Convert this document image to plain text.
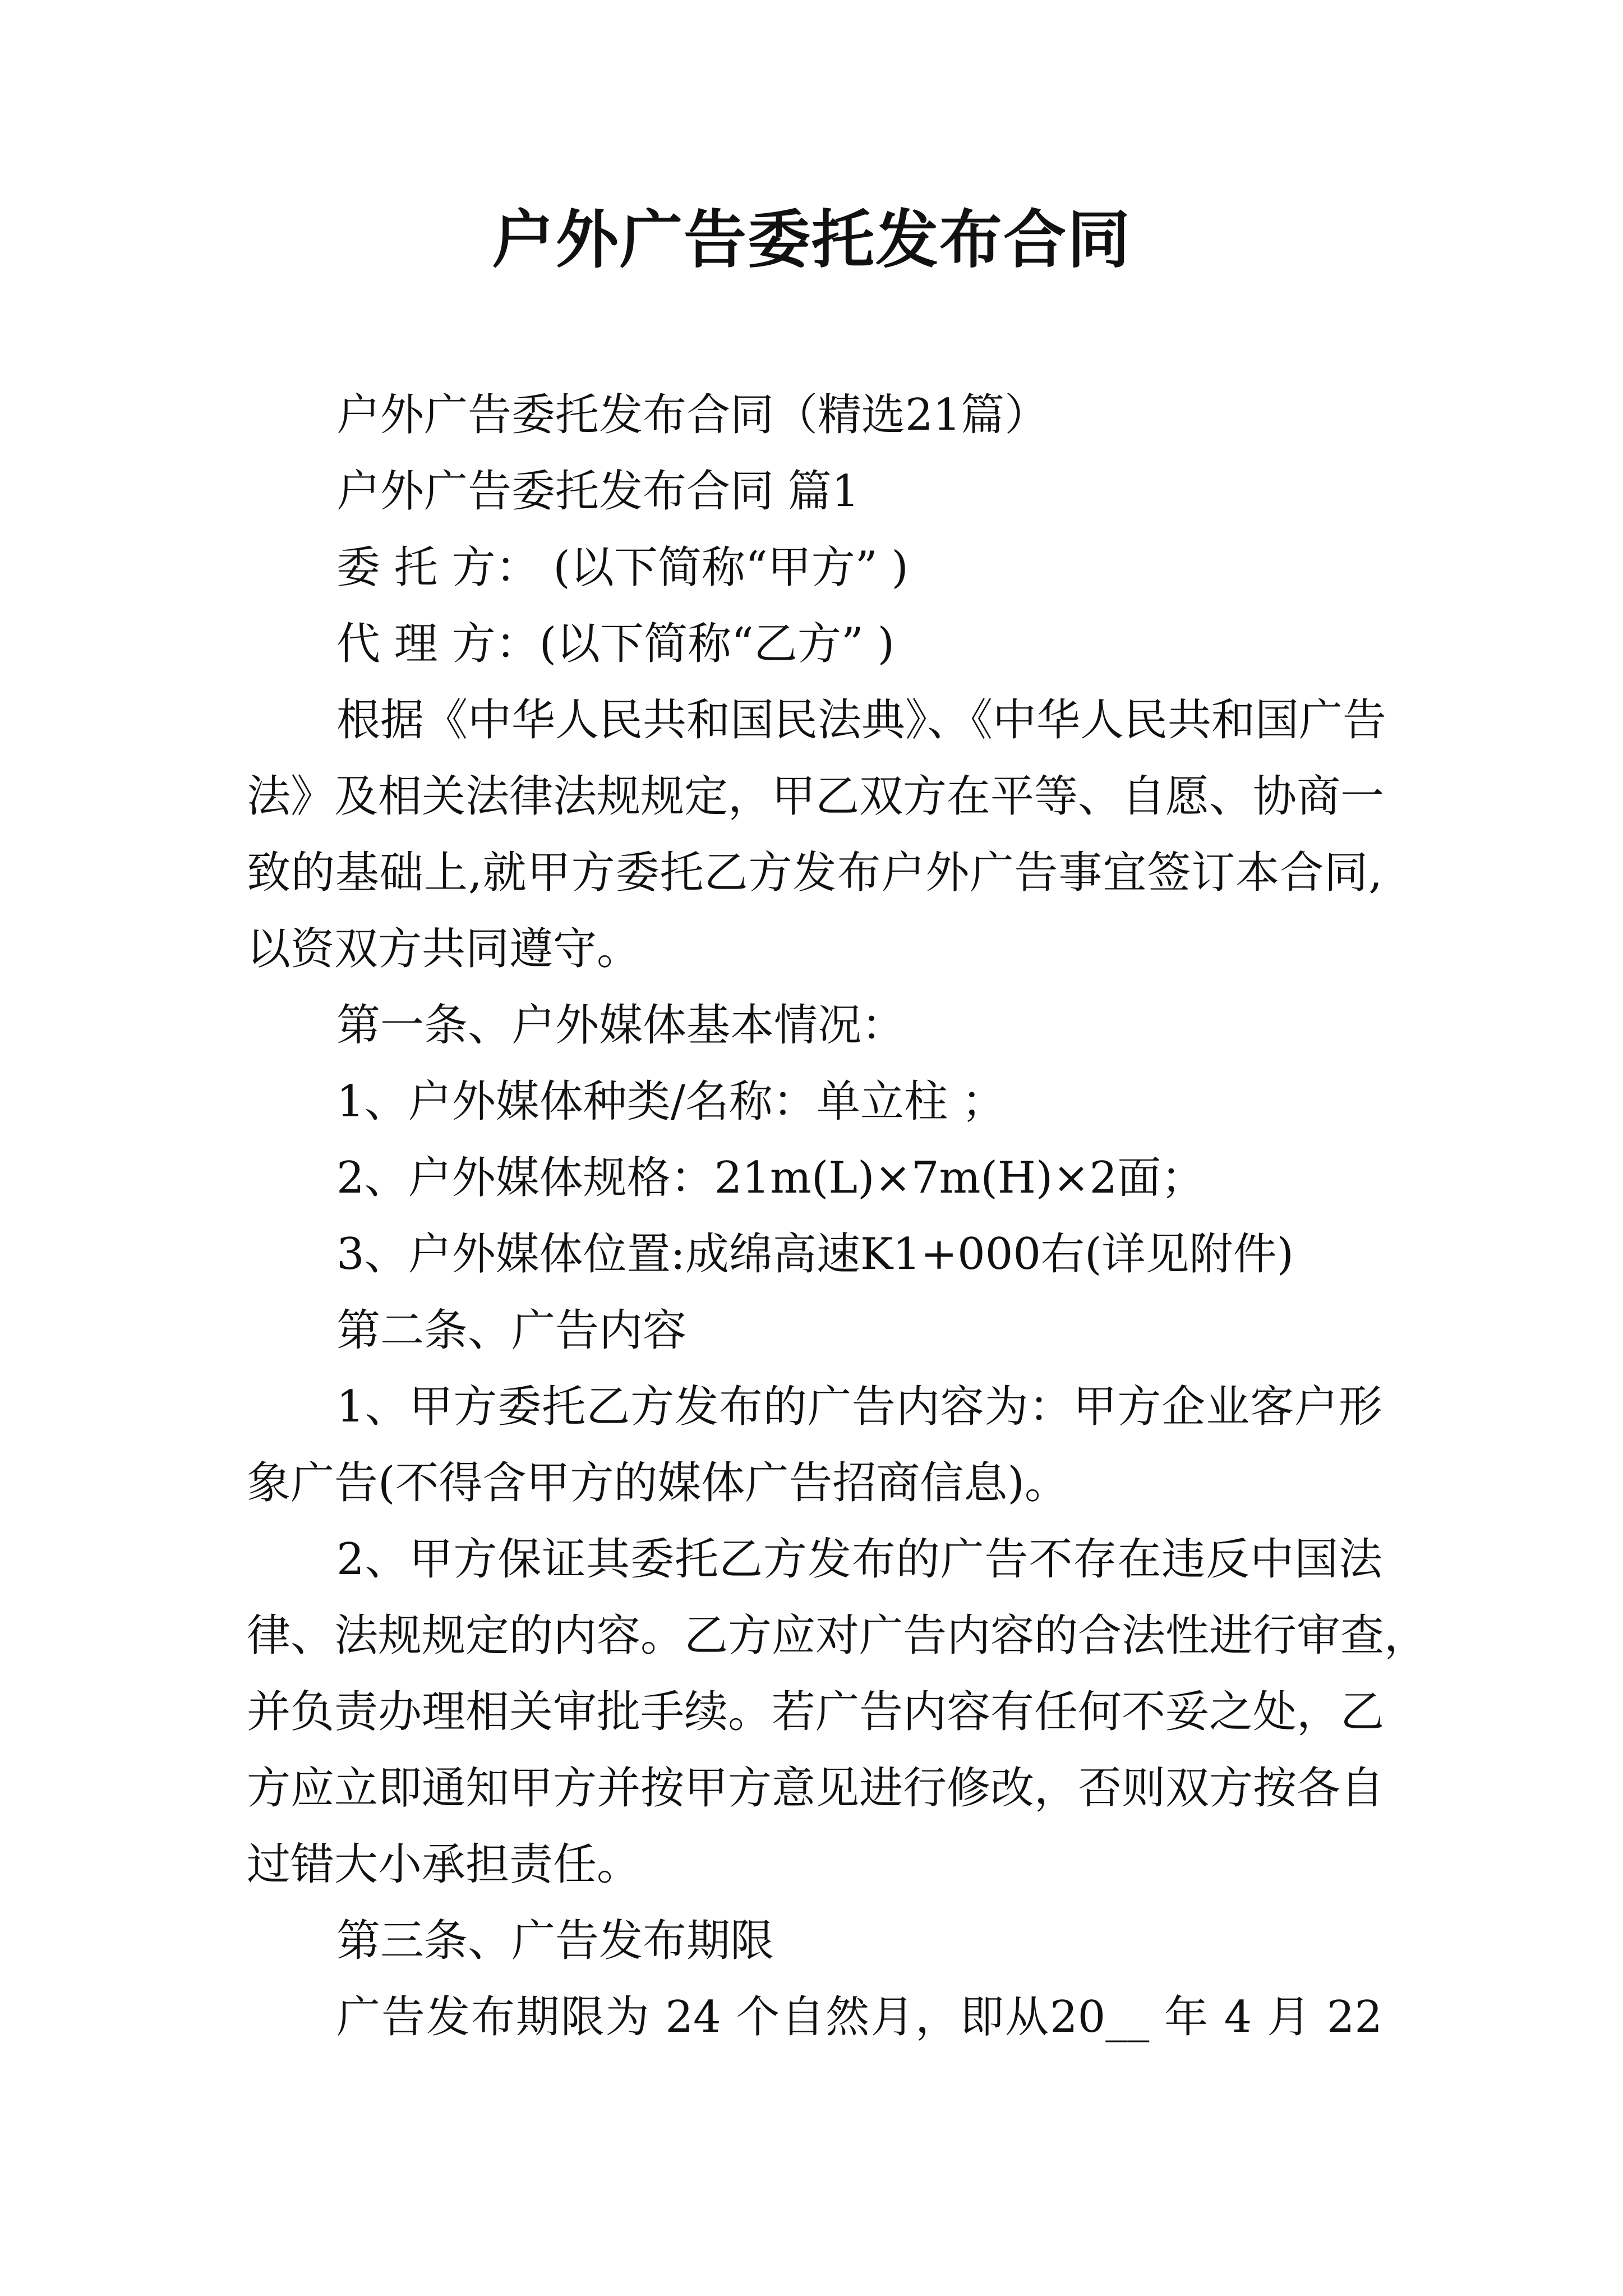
户外广告委托发布合同

户外广告委托发布合同（精选21篇）

户外广告委托发布合同 篇1

委 托 方： (以下简称“甲方” )

代 理 方：(以下简称“乙方” )

根据《中华人民共和国民法典》、《中华人民共和国广告

法》及相关法律法规规定，甲乙双方在平等、自愿、协商一

致的基础上,就甲方委托乙方发布户外广告事宜签订本合同,

以资双方共同遵守。

第一条、户外媒体基本情况：

1、户外媒体种类/名称：单立柱 ；

2、户外媒体规格：21m(L)×7m(H)×2面；

3、户外媒体位置:成绵高速K1+000右(详见附件)

第二条、广告内容

1、甲方委托乙方发布的广告内容为：甲方企业客户形

象广告(不得含甲方的媒体广告招商信息)。

2、甲方保证其委托乙方发布的广告不存在违反中国法

律、法规规定的内容。乙方应对广告内容的合法性进行审查，

并负责办理相关审批手续。若广告内容有任何不妥之处，乙

方应立即通知甲方并按甲方意见进行修改，否则双方按各自

过错大小承担责任。

第三条、广告发布期限

广告发布期限为 24 个自然月，即从20__ 年 4 月 22
